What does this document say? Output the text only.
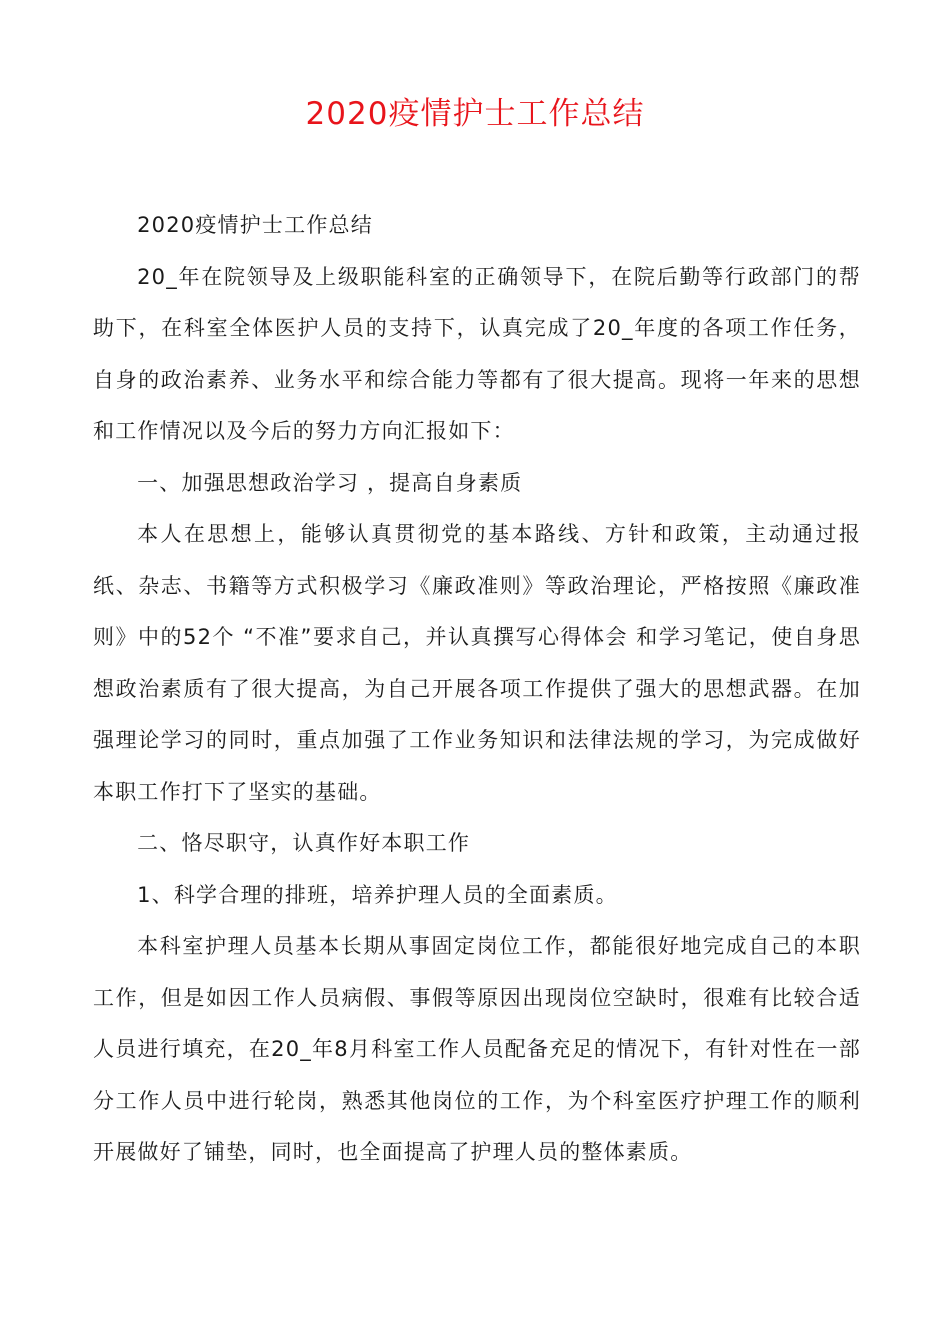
2020疫情护士工作总结

2020疫情护士工作总结

20_年在院领导及上级职能科室的正确领导下，在院后勤等行政部门的帮助下，在科室全体医护人员的支持下，认真完成了20_年度的各项工作任务，自身的政治素养、业务水平和综合能力等都有了很大提高。现将一年来的思想和工作情况以及今后的努力方向汇报如下：

一、加强思想政治学习 ，提高自身素质

本人在思想上，能够认真贯彻党的基本路线、方针和政策，主动通过报纸、杂志、书籍等方式积极学习《廉政准则》等政治理论，严格按照《廉政准则》中的52个 “不准”要求自己，并认真撰写心得体会 和学习笔记，使自身思想政治素质有了很大提高，为自己开展各项工作提供了强大的思想武器。在加强理论学习的同时，重点加强了工作业务知识和法律法规的学习，为完成做好本职工作打下了坚实的基础。

二、恪尽职守，认真作好本职工作

1、科学合理的排班，培养护理人员的全面素质。

本科室护理人员基本长期从事固定岗位工作，都能很好地完成自己的本职工作，但是如因工作人员病假、事假等原因出现岗位空缺时，很难有比较合适人员进行填充，在20_年8月科室工作人员配备充足的情况下，有针对性在一部分工作人员中进行轮岗，熟悉其他岗位的工作，为个科室医疗护理工作的顺利开展做好了铺垫，同时，也全面提高了护理人员的整体素质。
